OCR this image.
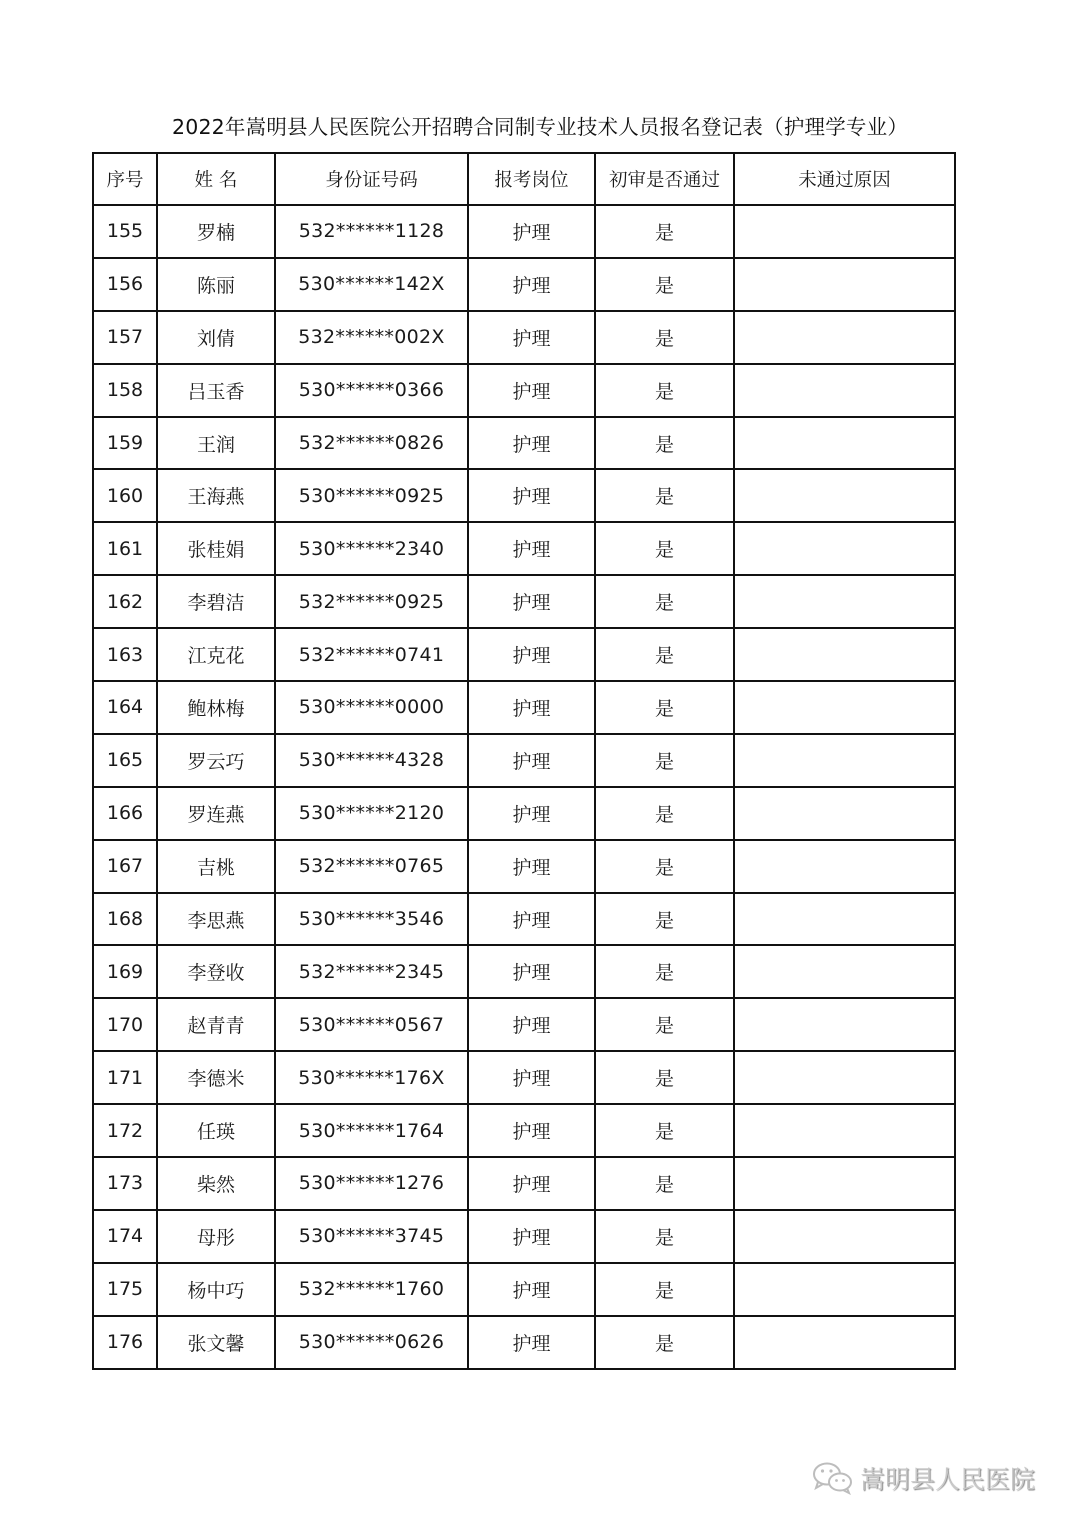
2022年嵩明县人民医院公开招聘合同制专业技术人员报名登记表（护理学专业）
序号	姓 名	身份证号码	报考岗位	初审是否通过	未通过原因
155	罗楠	532******1128	护理	是	
156	陈丽	530******142X	护理	是	
157	刘倩	532******002X	护理	是	
158	吕玉香	530******0366	护理	是	
159	王润	532******0826	护理	是	
160	王海燕	530******0925	护理	是	
161	张桂娟	530******2340	护理	是	
162	李碧洁	532******0925	护理	是	
163	江克花	532******0741	护理	是	
164	鲍林梅	530******0000	护理	是	
165	罗云巧	530******4328	护理	是	
166	罗连燕	530******2120	护理	是	
167	吉桃	532******0765	护理	是	
168	李思燕	530******3546	护理	是	
169	李登收	532******2345	护理	是	
170	赵青青	530******0567	护理	是	
171	李德米	530******176X	护理	是	
172	任瑛	530******1764	护理	是	
173	柴然	530******1276	护理	是	
174	母彤	530******3745	护理	是	
175	杨中巧	532******1760	护理	是	
176	张文馨	530******0626	护理	是	
嵩明县人民医院
